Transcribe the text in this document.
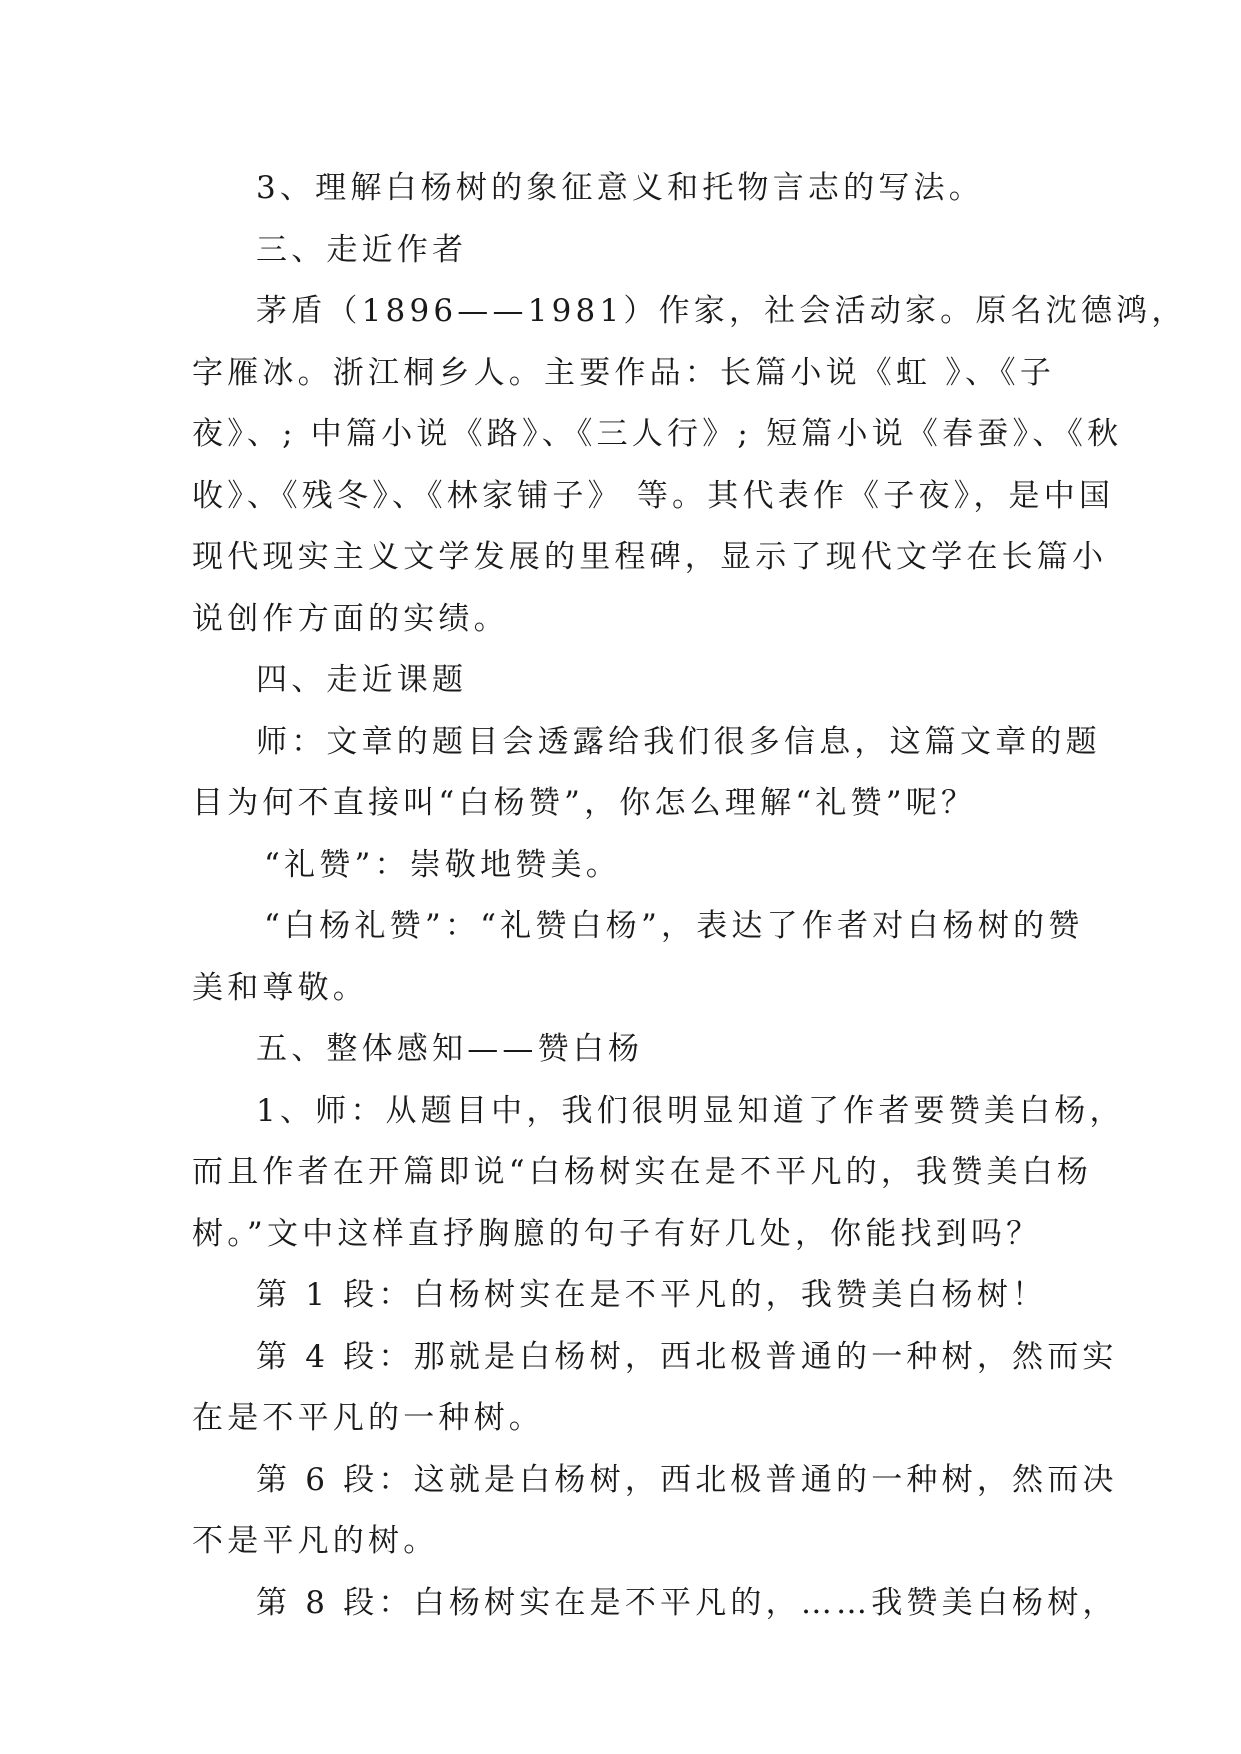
3、理解白杨树的象征意义和托物言志的写法。
三、走近作者
茅盾（1896——1981）作家，社会活动家。原名沈德鸿，
字雁冰。浙江桐乡人。主要作品：长篇小说《虹 》、《子
夜》、; 中篇小说《路》、《三人行》; 短篇小说《春蚕》、《秋
收》、《残冬》、《林家铺子》 等。其代表作《子夜》，是中国
现代现实主义文学发展的里程碑，显示了现代文学在长篇小
说创作方面的实绩。
四、走近课题
师：文章的题目会透露给我们很多信息，这篇文章的题
目为何不直接叫“白杨赞”，你怎么理解“礼赞”呢？
“礼赞”：崇敬地赞美。
“白杨礼赞”：“礼赞白杨”，表达了作者对白杨树的赞
美和尊敬。
五、整体感知——赞白杨
1、师：从题目中，我们很明显知道了作者要赞美白杨，
而且作者在开篇即说“白杨树实在是不平凡的，我赞美白杨
树。”文中这样直抒胸臆的句子有好几处，你能找到吗？
第 1 段：白杨树实在是不平凡的，我赞美白杨树！
第 4 段：那就是白杨树，西北极普通的一种树，然而实
在是不平凡的一种树。
第 6 段：这就是白杨树，西北极普通的一种树，然而决
不是平凡的树。
第 8 段：白杨树实在是不平凡的，……我赞美白杨树，
